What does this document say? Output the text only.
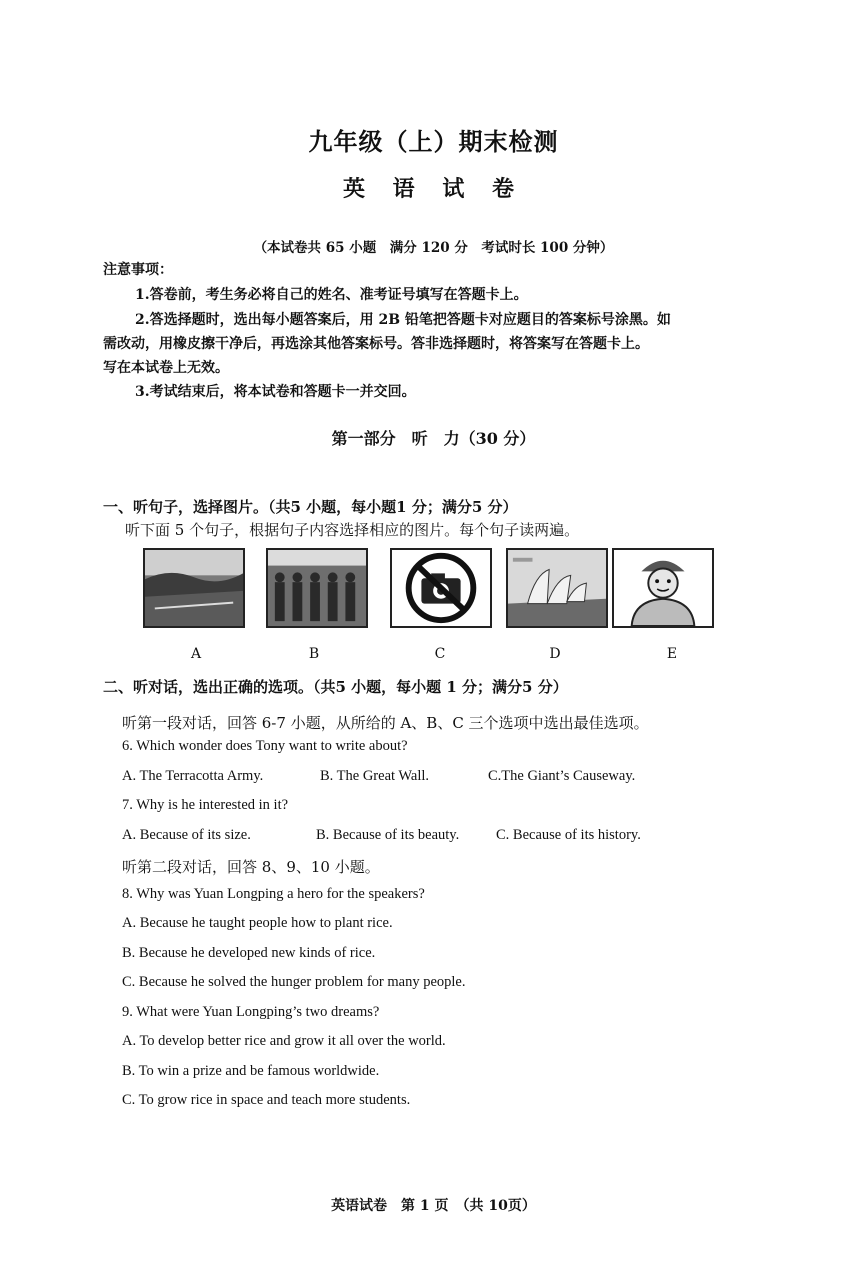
九年级（上）期末检测
英 语 试 卷
（本试卷共 65 小题　满分 120 分　考试时长 100 分钟）
注意事项：
1.答卷前，考生务必将自己的姓名、准考证号填写在答题卡上。
2.答选择题时，选出每小题答案后，用 2B 铅笔把答题卡对应题目的答案标号涂黑。如
需改动，用橡皮擦干净后，再选涂其他答案标号。答非选择题时，将答案写在答题卡上。
写在本试卷上无效。
3.考试结束后，将本试卷和答题卡一并交回。
第一部分　听　力（30 分）
一、听句子，选择图片。（共5 小题，每小题1 分；满分5 分）
听下面 5 个句子，根据句子内容选择相应的图片。每个句子读两遍。
A	B	C	D	E
二、听对话，选出正确的选项。（共5 小题，每小题 1 分；满分5 分）
听第一段对话，回答 6-7 小题，从所给的 A、B、C 三个选项中选出最佳选项。
6. Which wonder does Tony want to write about?
A. The Terracotta Army.	B. The Great Wall.	C.The Giant’s Causeway.
7. Why is he interested in it?
A. Because of its size.	B. Because of its beauty.	C. Because of its history.
听第二段对话，回答 8、9、10 小题。
8. Why was Yuan Longping a hero for the speakers?
A. Because he taught people how to plant rice.
B. Because he developed new kinds of rice.
C. Because he solved the hunger problem for many people.
9. What were Yuan Longping’s two dreams?
A. To develop better rice and grow it all over the world.
B. To win a prize and be famous worldwide.
C. To grow rice in space and teach more students.
英语试卷　第 1 页　（共 10页）
